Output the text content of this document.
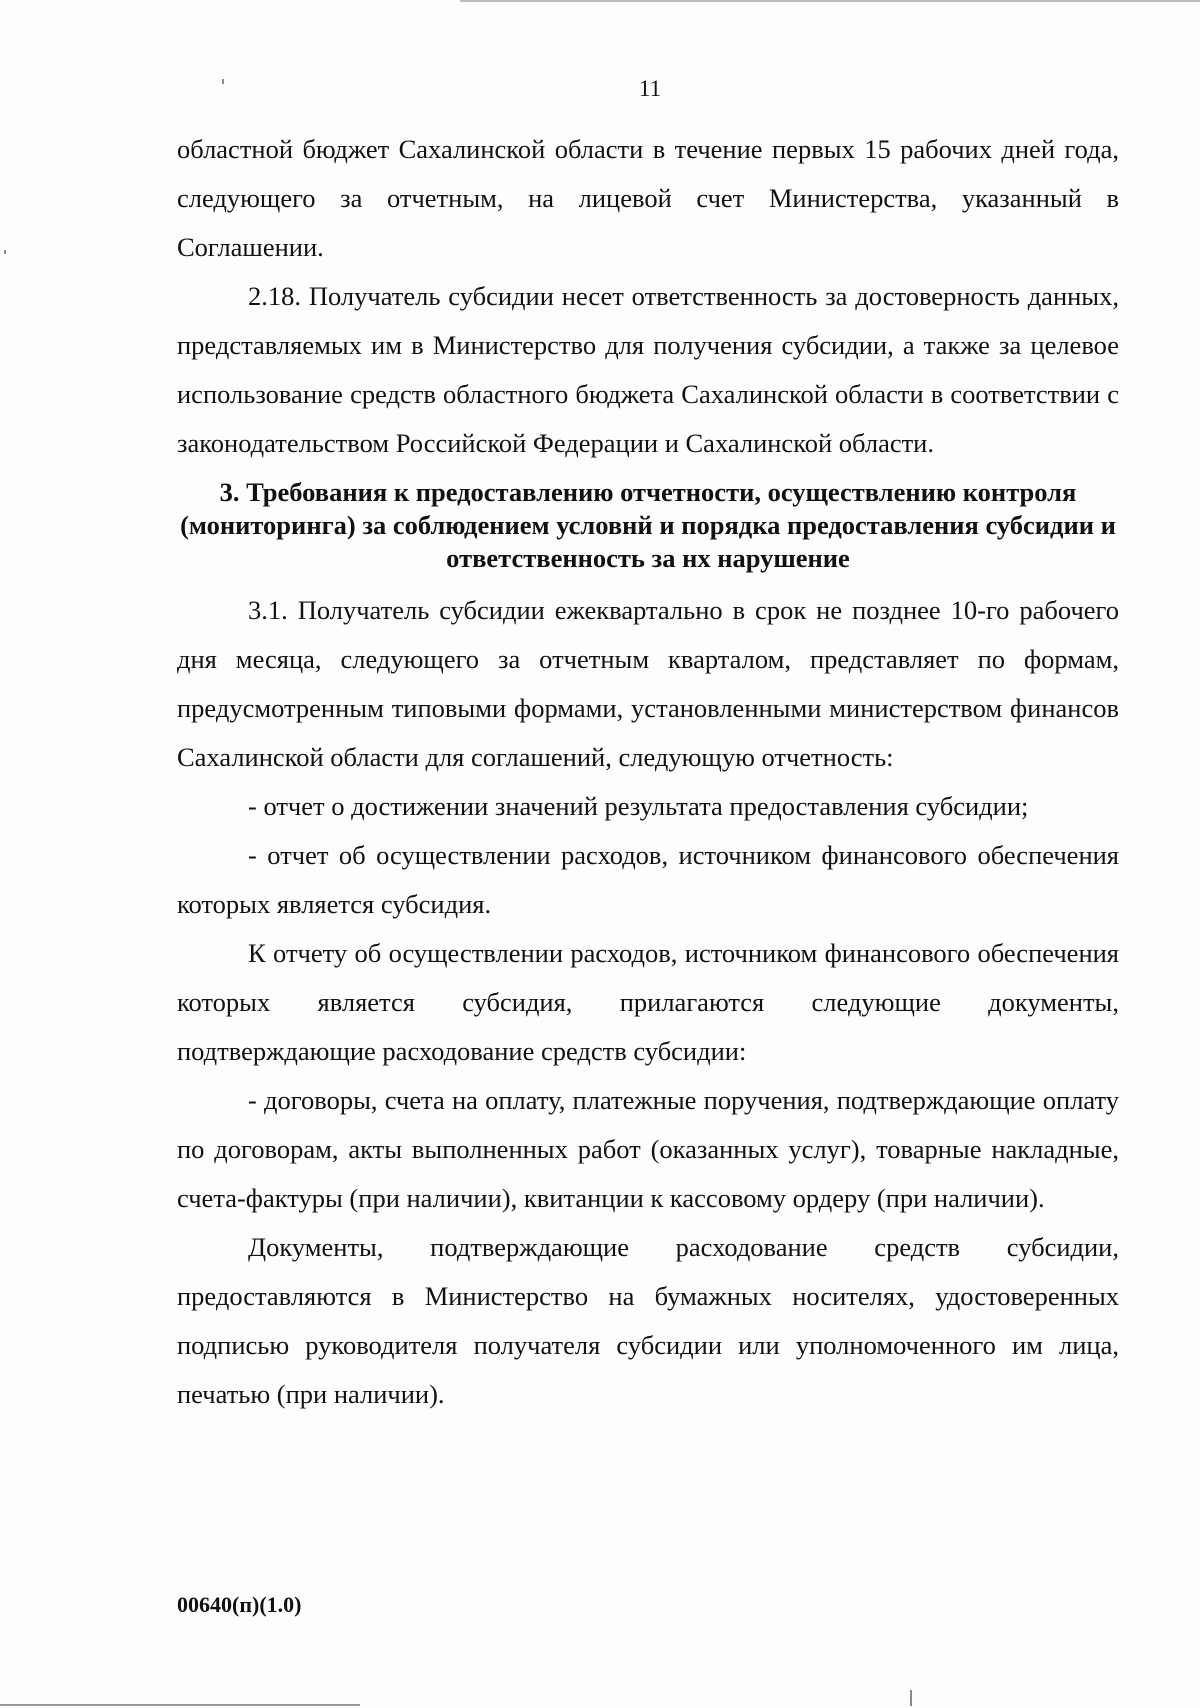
11

областной бюджет Сахалинской области в течение первых 15 рабочих дней года, следующего за отчетным, на лицевой счет Министерства, указанный в Соглашении.

2.18. Получатель субсидии несет ответственность за достоверность данных, представляемых им в Министерство для получения субсидии, а также за целевое использование средств областного бюджета Сахалинской области в соответствии с законодательством Российской Федерации и Сахалинской области.

3. Требования к предоставлению отчетности, осуществлению контроля (мониторинга) за соблюдением условнй и порядка предоставления субсидии и ответственность за нх нарушение

3.1. Получатель субсидии ежеквартально в срок не позднее 10-го рабочего дня месяца, следующего за отчетным кварталом, представляет по формам, предусмотренным типовыми формами, установленными министерством финансов Сахалинской области для соглашений, следующую отчетность:

- отчет о достижении значений результата предоставления субсидии;

- отчет об осуществлении расходов, источником финансового обеспечения которых является субсидия.

К отчету об осуществлении расходов, источником финансового обеспечения которых является субсидия, прилагаются следующие документы, подтверждающие расходование средств субсидии:

- договоры, счета на оплату, платежные поручения, подтверждающие оплату по договорам, акты выполненных работ (оказанных услуг), товарные накладные, счета-фактуры (при наличии), квитанции к кассовому ордеру (при наличии).

Документы, подтверждающие расходование средств субсидии, предоставляются в Министерство на бумажных носителях, удостоверенных подписью руководителя получателя субсидии или уполномоченного им лица, печатью (при наличии).

00640(п)(1.0)
